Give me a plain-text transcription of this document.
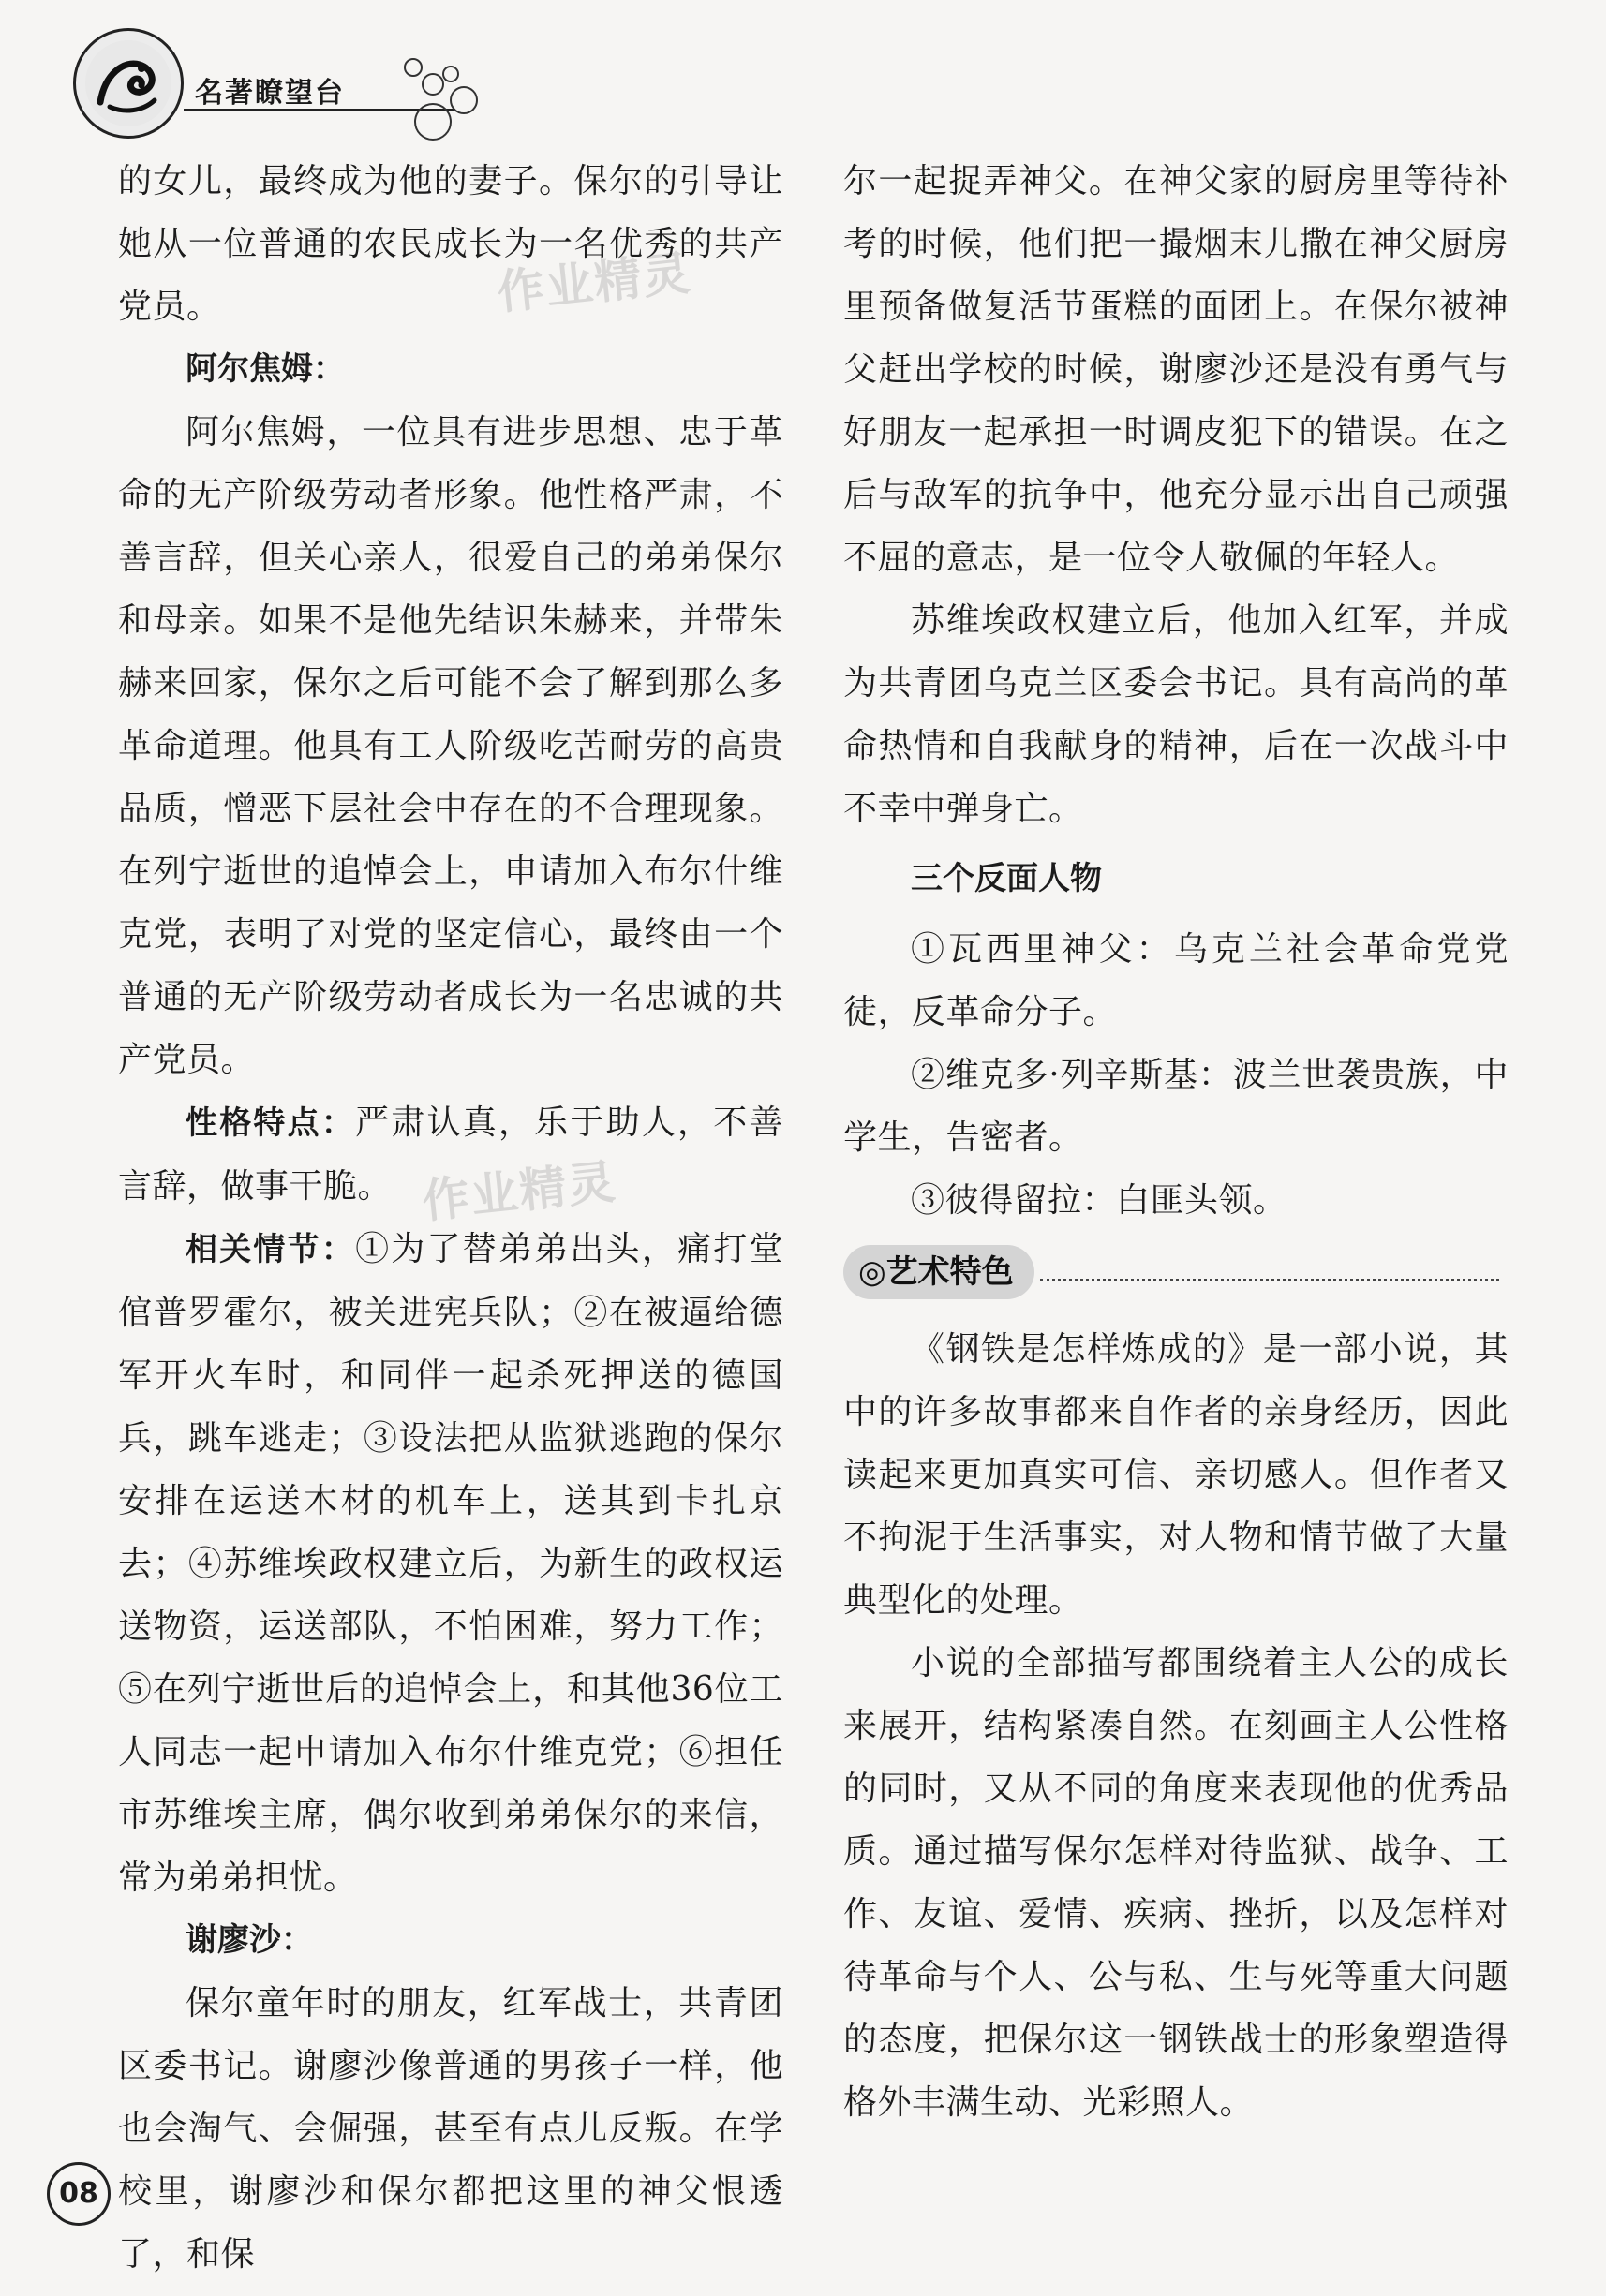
名著瞭望台
作业精灵
作业精灵

的女儿，最终成为他的妻子。保尔的引导让她从一位普通的农民成长为一名优秀的共产党员。

阿尔焦姆：

阿尔焦姆，一位具有进步思想、忠于革命的无产阶级劳动者形象。他性格严肃，不善言辞，但关心亲人，很爱自己的弟弟保尔和母亲。如果不是他先结识朱赫来，并带朱赫来回家，保尔之后可能不会了解到那么多革命道理。他具有工人阶级吃苦耐劳的高贵品质，憎恶下层社会中存在的不合理现象。在列宁逝世的追悼会上，申请加入布尔什维克党，表明了对党的坚定信心，最终由一个普通的无产阶级劳动者成长为一名忠诚的共产党员。

性格特点：严肃认真，乐于助人，不善言辞，做事干脆。

相关情节：①为了替弟弟出头，痛打堂倌普罗霍尔，被关进宪兵队；②在被逼给德军开火车时，和同伴一起杀死押送的德国兵，跳车逃走；③设法把从监狱逃跑的保尔安排在运送木材的机车上，送其到卡扎京去；④苏维埃政权建立后，为新生的政权运送物资，运送部队，不怕困难，努力工作；⑤在列宁逝世后的追悼会上，和其他36位工人同志一起申请加入布尔什维克党；⑥担任市苏维埃主席，偶尔收到弟弟保尔的来信，常为弟弟担忧。

谢廖沙：

保尔童年时的朋友，红军战士，共青团区委书记。谢廖沙像普通的男孩子一样，他也会淘气、会倔强，甚至有点儿反叛。在学校里，谢廖沙和保尔都把这里的神父恨透了，和保

尔一起捉弄神父。在神父家的厨房里等待补考的时候，他们把一撮烟末儿撒在神父厨房里预备做复活节蛋糕的面团上。在保尔被神父赶出学校的时候，谢廖沙还是没有勇气与好朋友一起承担一时调皮犯下的错误。在之后与敌军的抗争中，他充分显示出自己顽强不屈的意志，是一位令人敬佩的年轻人。

苏维埃政权建立后，他加入红军，并成为共青团乌克兰区委会书记。具有高尚的革命热情和自我献身的精神，后在一次战斗中不幸中弹身亡。

三个反面人物

①瓦西里神父：乌克兰社会革命党党徒，反革命分子。

②维克多·列辛斯基：波兰世袭贵族，中学生，告密者。

③彼得留拉：白匪头领。

◎艺术特色

《钢铁是怎样炼成的》是一部小说，其中的许多故事都来自作者的亲身经历，因此读起来更加真实可信、亲切感人。但作者又不拘泥于生活事实，对人物和情节做了大量典型化的处理。

小说的全部描写都围绕着主人公的成长来展开，结构紧凑自然。在刻画主人公性格的同时，又从不同的角度来表现他的优秀品质。通过描写保尔怎样对待监狱、战争、工作、友谊、爱情、疾病、挫折，以及怎样对待革命与个人、公与私、生与死等重大问题的态度，把保尔这一钢铁战士的形象塑造得格外丰满生动、光彩照人。

08
